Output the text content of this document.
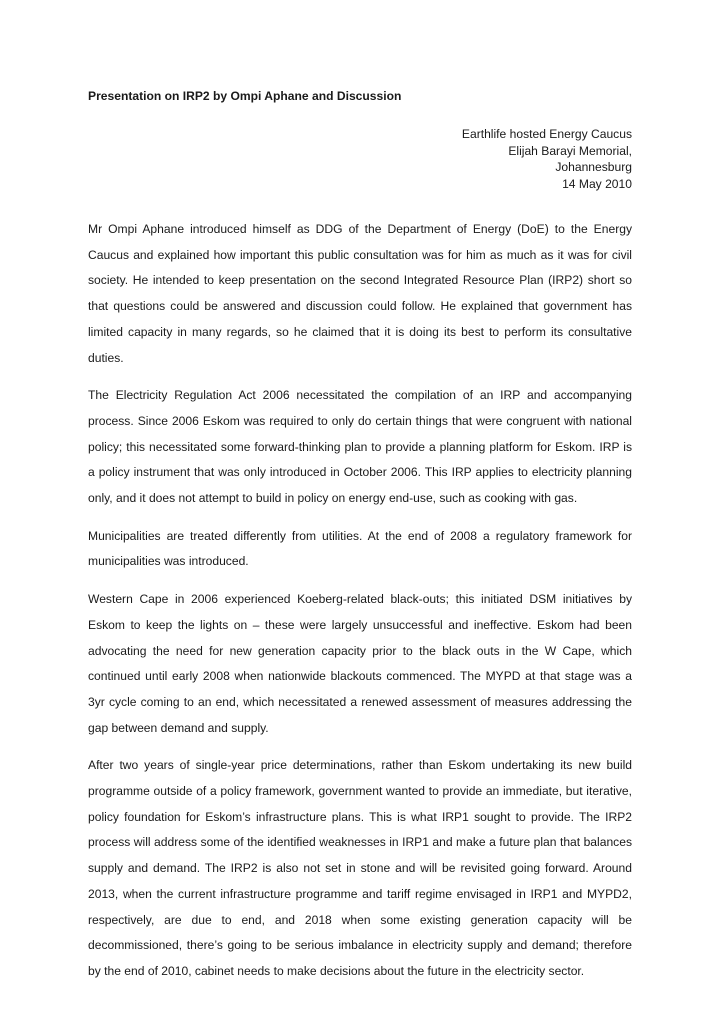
Presentation on IRP2 by Ompi Aphane and Discussion
Earthlife hosted Energy Caucus
Elijah Barayi Memorial,
Johannesburg
14 May 2010

Mr Ompi Aphane introduced himself as DDG of the Department of Energy (DoE) to the Energy Caucus and explained how important this public consultation was for him as much as it was for civil society. He intended to keep presentation on the second Integrated Resource Plan (IRP2) short so that questions could be answered and discussion could follow. He explained that government has limited capacity in many regards, so he claimed that it is doing its best to perform its consultative duties.

The Electricity Regulation Act 2006 necessitated the compilation of an IRP and accompanying process. Since 2006 Eskom was required to only do certain things that were congruent with national policy; this necessitated some forward-thinking plan to provide a planning platform for Eskom. IRP is a policy instrument that was only introduced in October 2006. This IRP applies to electricity planning only, and it does not attempt to build in policy on energy end-use, such as cooking with gas.

Municipalities are treated differently from utilities. At the end of 2008 a regulatory framework for municipalities was introduced.

Western Cape in 2006 experienced Koeberg-related black-outs; this initiated DSM initiatives by Eskom to keep the lights on – these were largely unsuccessful and ineffective. Eskom had been advocating the need for new generation capacity prior to the black outs in the W Cape, which continued until early 2008 when nationwide blackouts commenced. The MYPD at that stage was a 3yr cycle coming to an end, which necessitated a renewed assessment of measures addressing the gap between demand and supply.

After two years of single-year price determinations, rather than Eskom undertaking its new build programme outside of a policy framework, government wanted to provide an immediate, but iterative, policy foundation for Eskom’s infrastructure plans. This is what IRP1 sought to provide. The IRP2 process will address some of the identified weaknesses in IRP1 and make a future plan that balances supply and demand. The IRP2 is also not set in stone and will be revisited going forward. Around 2013, when the current infrastructure programme and tariff regime envisaged in IRP1 and MYPD2, respectively, are due to end, and 2018 when some existing generation capacity will be decommissioned, there’s going to be serious imbalance in electricity supply and demand; therefore by the end of 2010, cabinet needs to make decisions about the future in the electricity sector.
